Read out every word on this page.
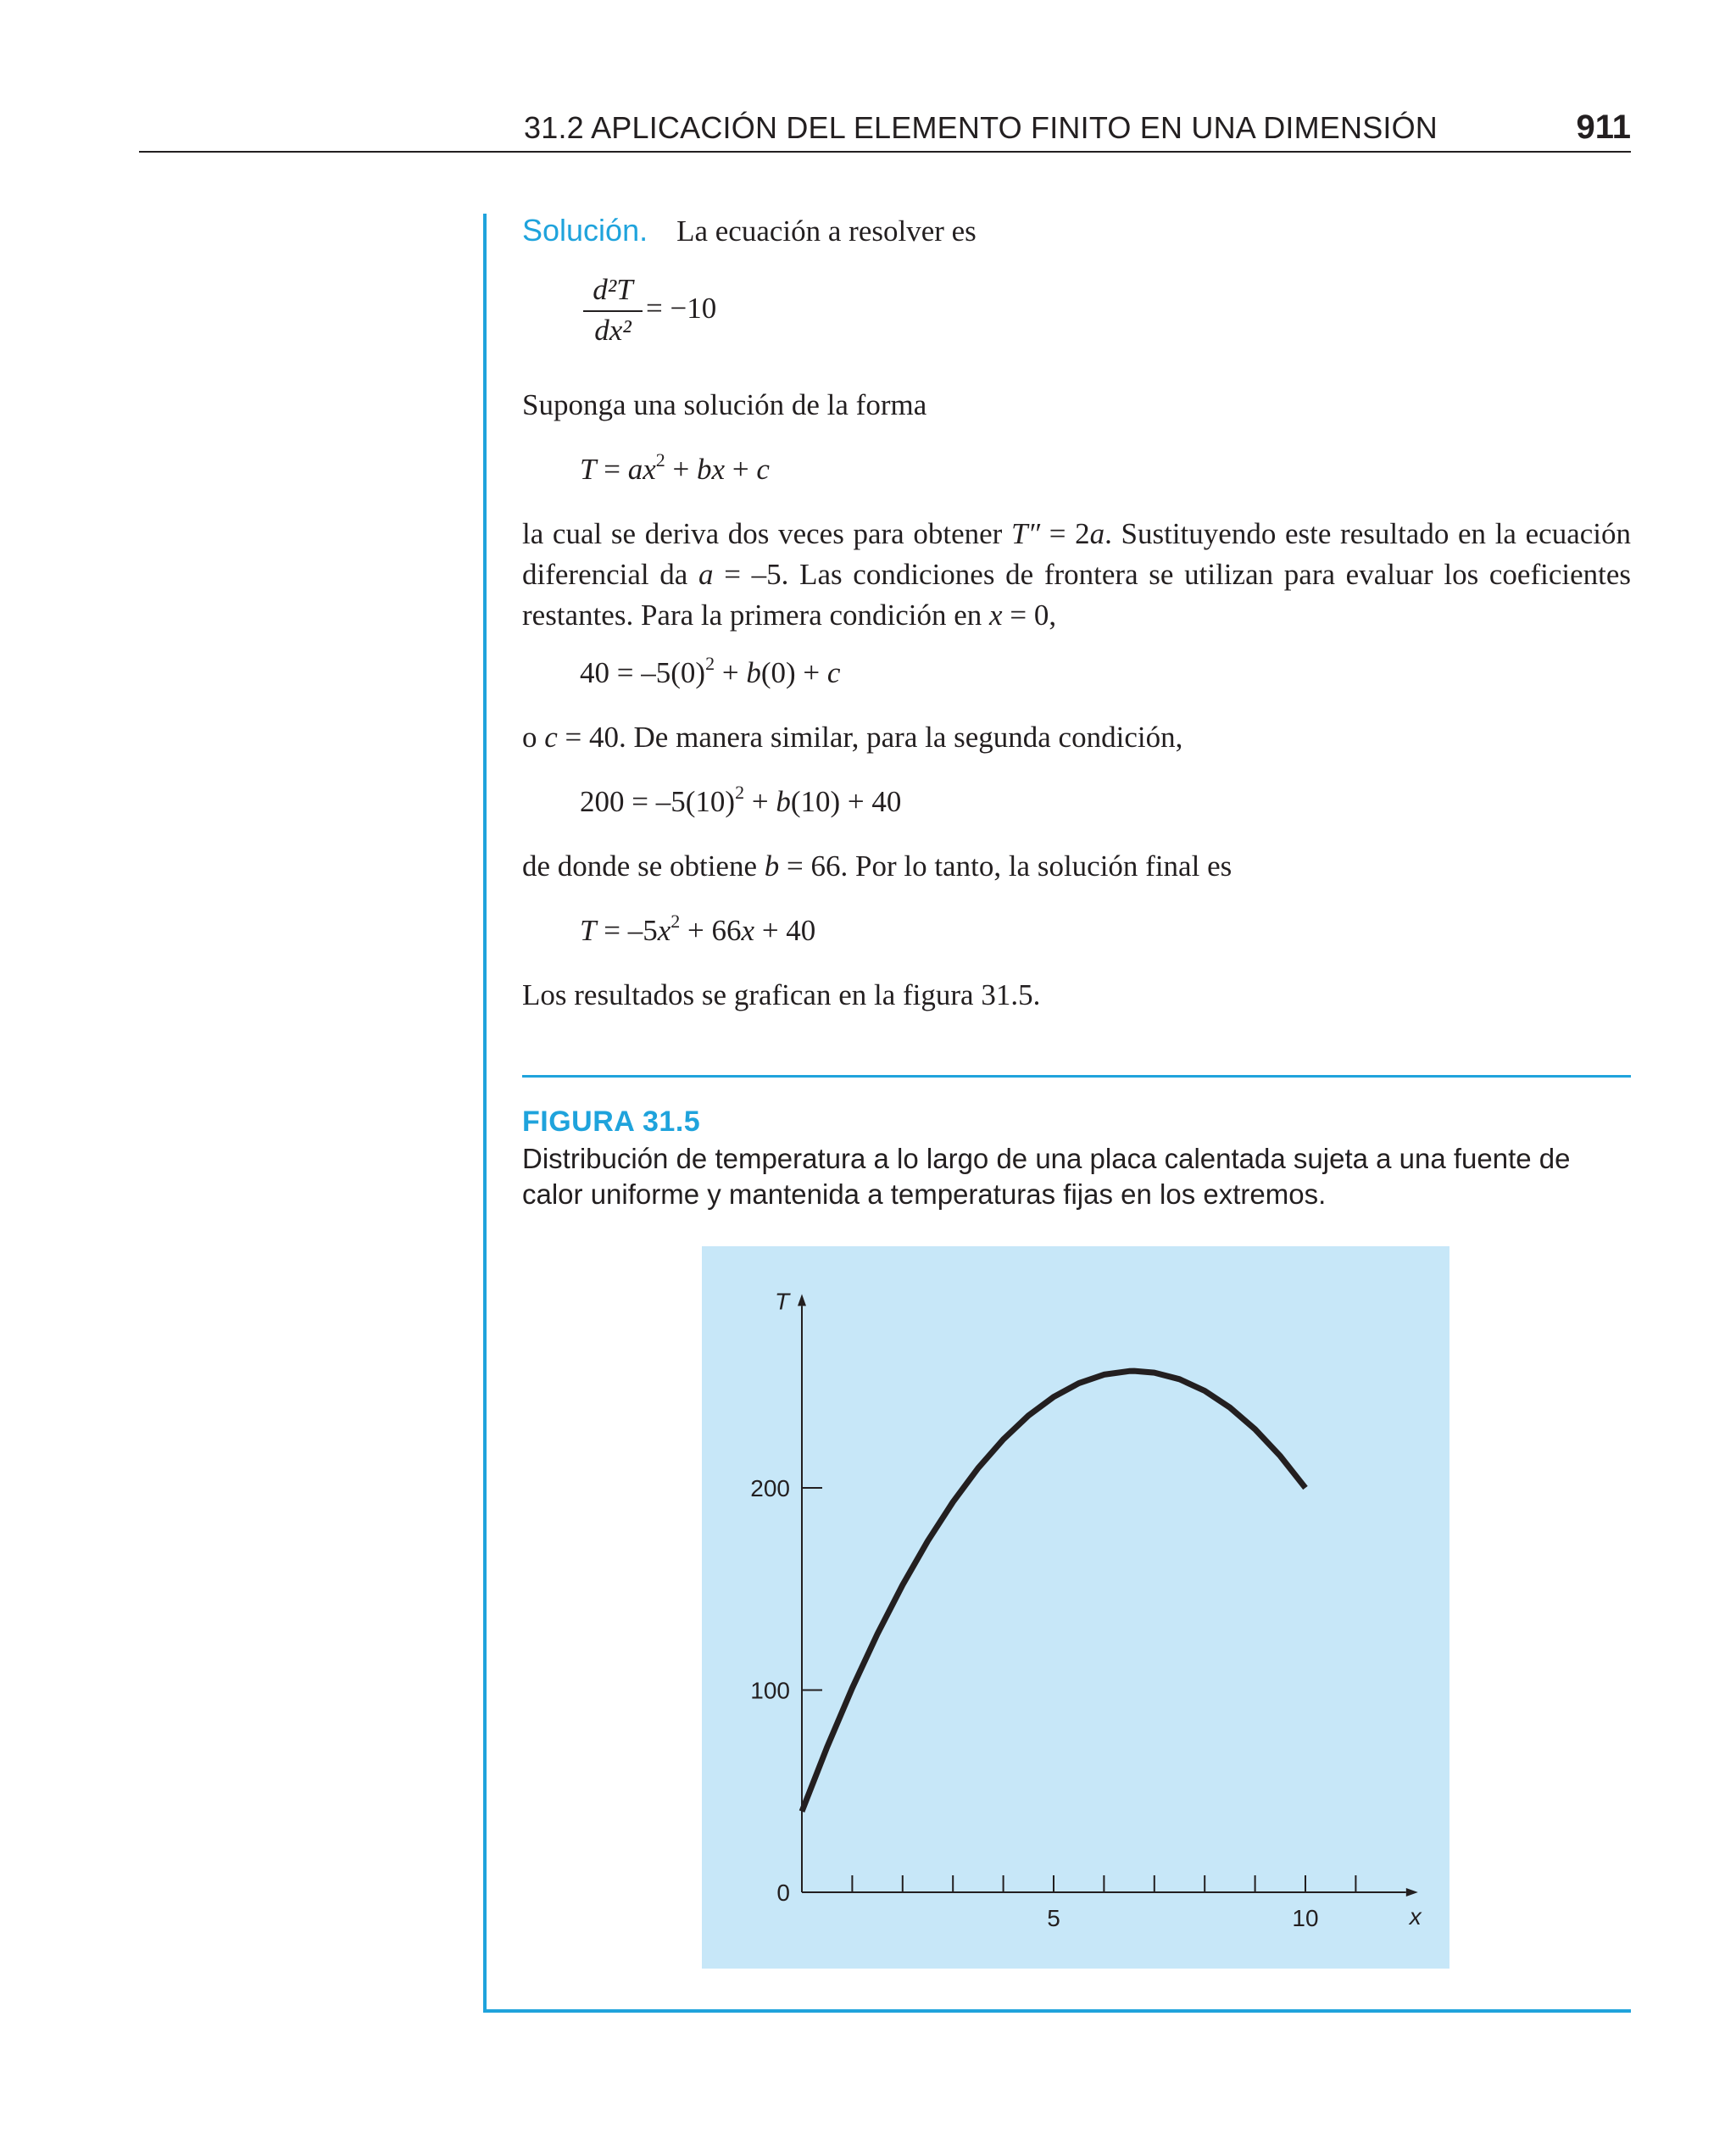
31.2 APLICACIÓN DEL ELEMENTO FINITO EN UNA DIMENSIÓN	911
Solución. La ecuación a resolver es
d²T
dx²
= −10
Suponga una solución de la forma
$T = ax^2$ + bx + c
la cual se deriva dos veces para obtener T″ = 2a. Sustituyendo este resultado en la ecuación diferencial da a = –5. Las condiciones de frontera se utilizan para evaluar los coeficientes restantes. Para la primera condición en x = 0,
$40 = -5(0)^2 + b(0) + c$
o c = 40. De manera similar, para la segunda condición,
$200 = -5(10)^2 + b(10) + 40$
de donde se obtiene b = 66. Por lo tanto, la solución final es
$T = -5x^2 + 66x + 40$
Los resultados se grafican en la figura 31.5.
FIGURA 31.5
Distribución de temperatura a lo largo de una placa calentada sujeta a una fuente de calor uniforme y mantenida a temperaturas fijas en los extremos.
x
T
5	10
0
100
200
